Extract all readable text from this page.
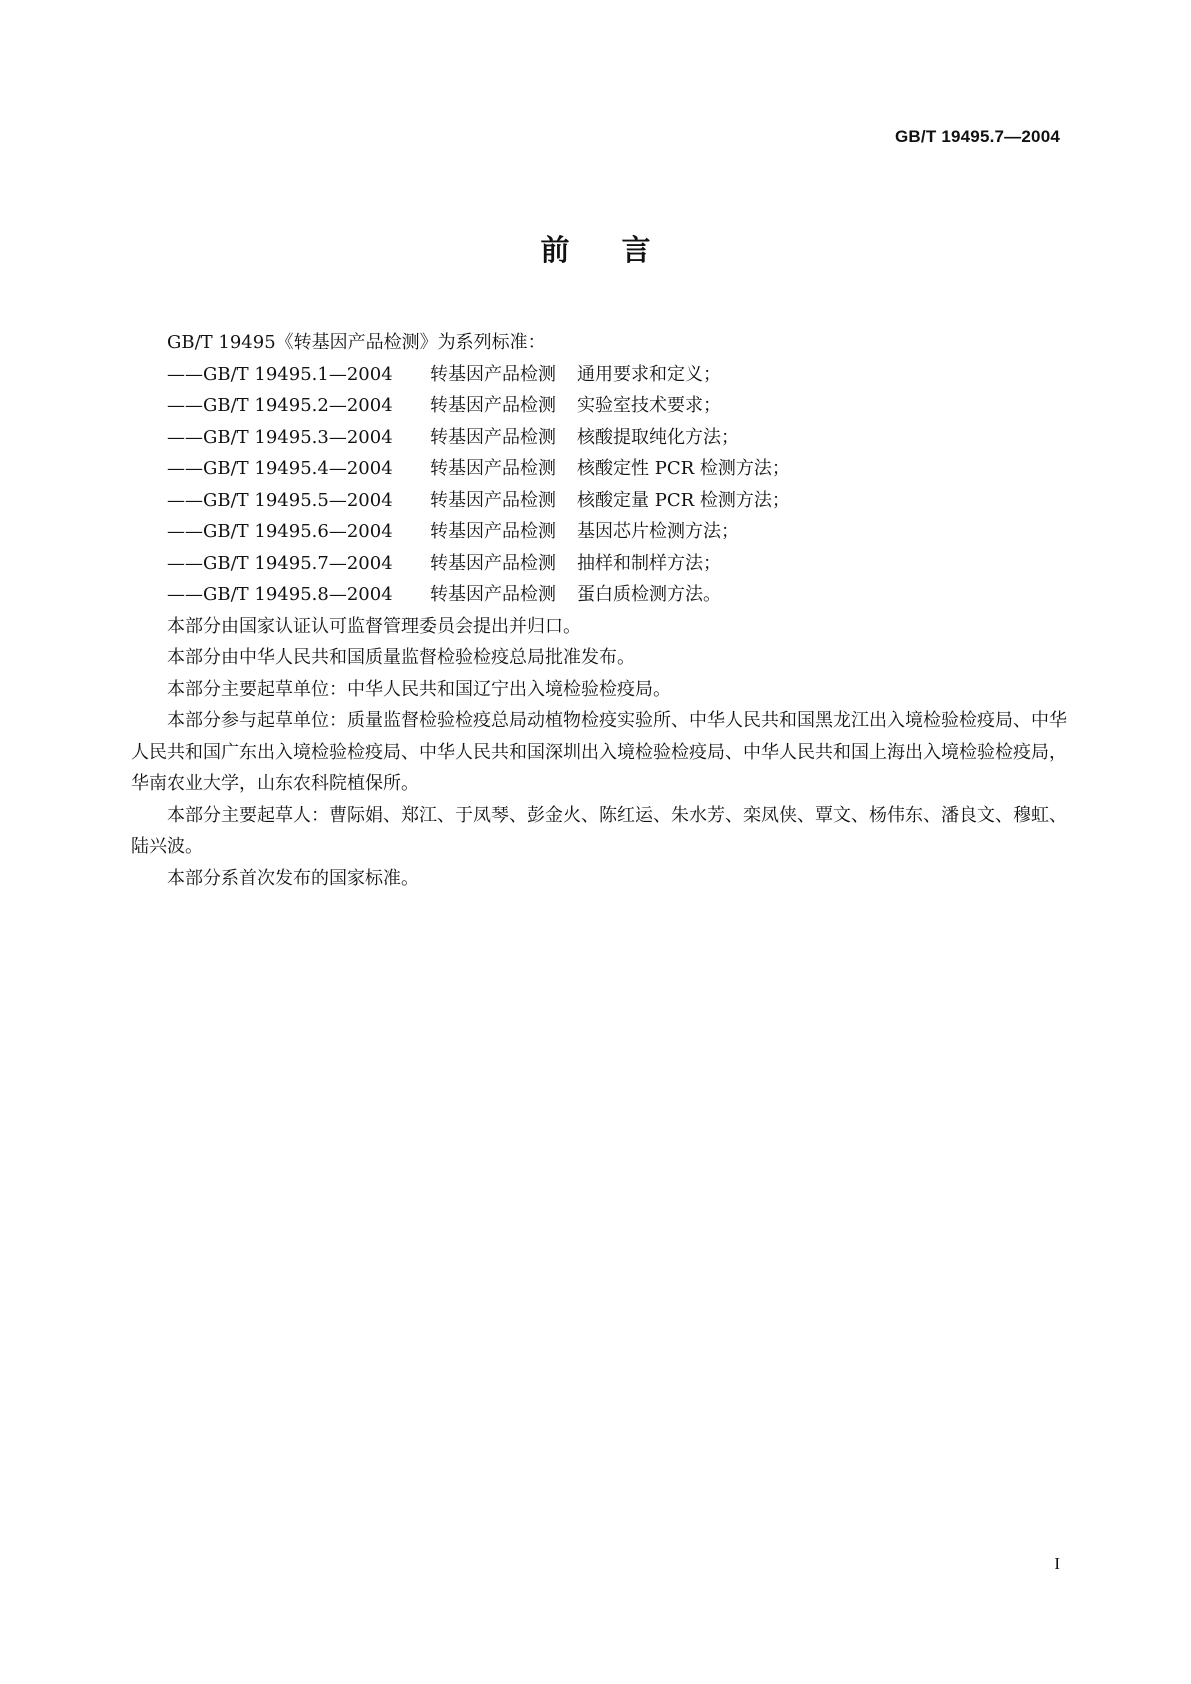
GB/T 19495.7—2004
前言

GB/T 19495《转基因产品检测》为系列标准：

——GB/T 19495.1—2004	转基因产品检测	通用要求和定义；
——GB/T 19495.2—2004	转基因产品检测	实验室技术要求；
——GB/T 19495.3—2004	转基因产品检测	核酸提取纯化方法；
——GB/T 19495.4—2004	转基因产品检测	核酸定性 PCR 检测方法；
——GB/T 19495.5—2004	转基因产品检测	核酸定量 PCR 检测方法；
——GB/T 19495.6—2004	转基因产品检测	基因芯片检测方法；
——GB/T 19495.7—2004	转基因产品检测	抽样和制样方法；
——GB/T 19495.8—2004	转基因产品检测	蛋白质检测方法。

本部分由国家认证认可监督管理委员会提出并归口。

本部分由中华人民共和国质量监督检验检疫总局批准发布。

本部分主要起草单位：中华人民共和国辽宁出入境检验检疫局。

本部分参与起草单位：质量监督检验检疫总局动植物检疫实验所、中华人民共和国黑龙江出入境检验检疫局、中华人民共和国广东出入境检验检疫局、中华人民共和国深圳出入境检验检疫局、中华人民共和国上海出入境检验检疫局，华南农业大学，山东农科院植保所。

本部分主要起草人：曹际娟、郑江、于凤琴、彭金火、陈红运、朱水芳、栾凤侠、覃文、杨伟东、潘良文、穆虹、陆兴波。

本部分系首次发布的国家标准。

I
